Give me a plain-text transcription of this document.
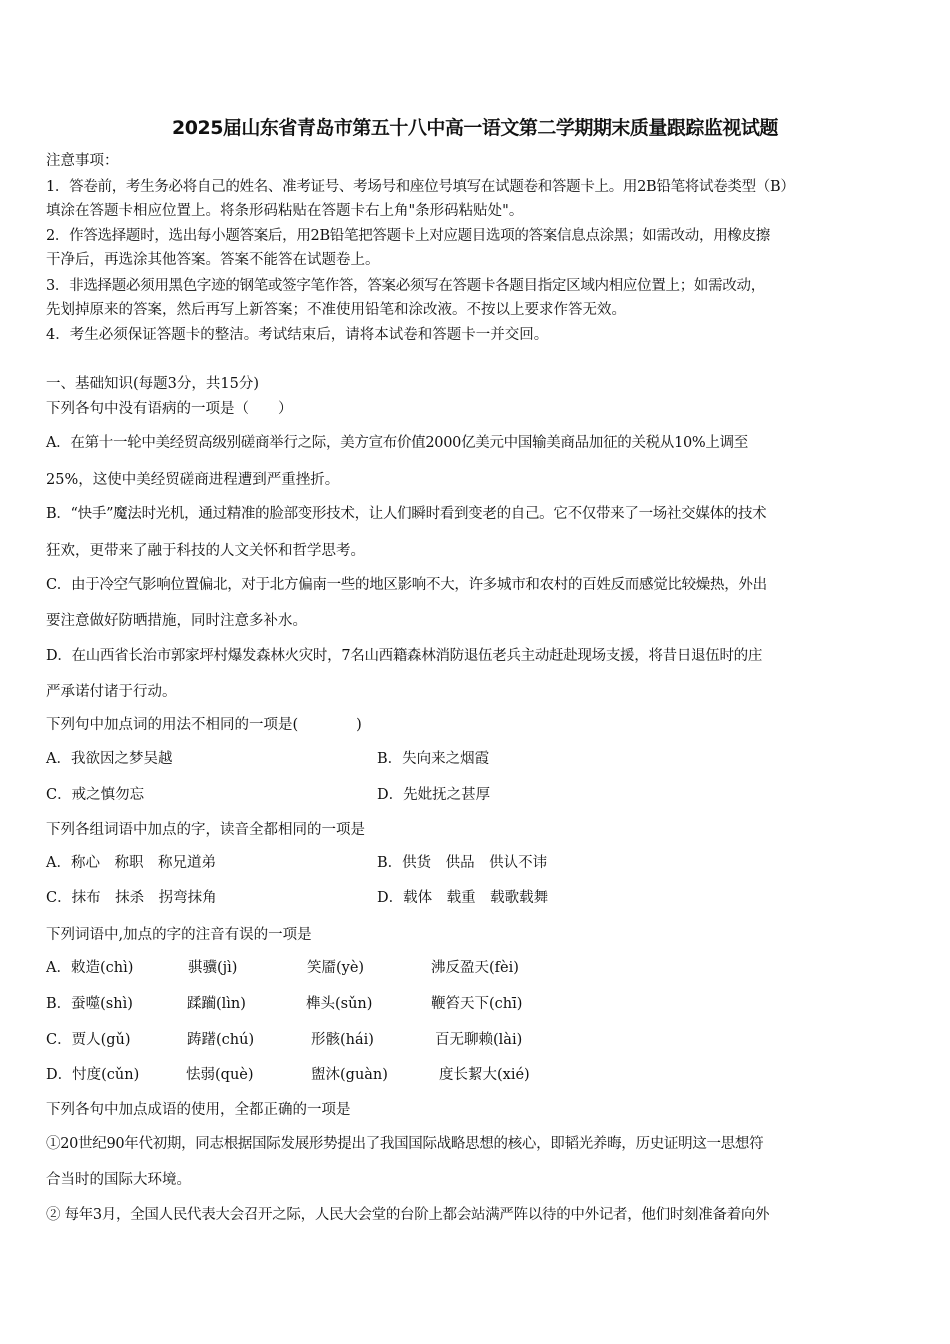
2025届山东省青岛市第五十八中高一语文第二学期期末质量跟踪监视试题
注意事项：
1．答卷前，考生务必将自己的姓名、准考证号、考场号和座位号填写在试题卷和答题卡上。用2B铅笔将试卷类型（B）
填涂在答题卡相应位置上。将条形码粘贴在答题卡右上角"条形码粘贴处"。
2．作答选择题时，选出每小题答案后，用2B铅笔把答题卡上对应题目选项的答案信息点涂黑；如需改动，用橡皮擦
干净后，再选涂其他答案。答案不能答在试题卷上。
3．非选择题必须用黑色字迹的钢笔或签字笔作答，答案必须写在答题卡各题目指定区域内相应位置上；如需改动，
先划掉原来的答案，然后再写上新答案；不准使用铅笔和涂改液。不按以上要求作答无效。
4．考生必须保证答题卡的整洁。考试结束后，请将本试卷和答题卡一并交回。
一、基础知识(每题3分，共15分)
下列各句中没有语病的一项是（　　）
A．在第十一轮中美经贸高级别磋商举行之际，美方宣布价值2000亿美元中国输美商品加征的关税从10%上调至
25%，这使中美经贸磋商进程遭到严重挫折。
B．“快手”魔法时光机，通过精准的脸部变形技术，让人们瞬时看到变老的自己。它不仅带来了一场社交媒体的技术
狂欢，更带来了融于科技的人文关怀和哲学思考。
C．由于冷空气影响位置偏北，对于北方偏南一些的地区影响不大，许多城市和农村的百姓反而感觉比较燥热，外出
要注意做好防晒措施，同时注意多补水。
D．在山西省长治市郭家坪村爆发森林火灾时，7名山西籍森林消防退伍老兵主动赶赴现场支援，将昔日退伍时的庄
严承诺付诸于行动。
下列句中加点词的用法不相同的一项是(　　　　)
A．我欲因之梦吴越	B．失向来之烟霞
C．戒之慎勿忘	D．先妣抚之甚厚
下列各组词语中加点的字，读音全都相同的一项是
A．称心　称职　称兄道弟	B．供货　供品　供认不讳
C．抹布　抹杀　拐弯抹角	D．载体　载重　载歌载舞
下列词语中,加点的字的注音有误的一项是
A．敕造(chì)	骐骥(jì)	笑靥(yè)	沸反盈天(fèi)
B．蚕噬(shì)	蹂躏(lìn)	榫头(sǔn)	鞭笞天下(chī)
C．贾人(gǔ)	踌躇(chú)	形骸(hái)	百无聊赖(lài)
D．忖度(cǔn)	怯弱(què)	盥沐(guàn)	度长絜大(xié)
下列各句中加点成语的使用，全都正确的一项是
①20世纪90年代初期，同志根据国际发展形势提出了我国国际战略思想的核心，即韬光养晦，历史证明这一思想符
合当时的国际大环境。
② 每年3月，全国人民代表大会召开之际，人民大会堂的台阶上都会站满严阵以待的中外记者，他们时刻准备着向外
